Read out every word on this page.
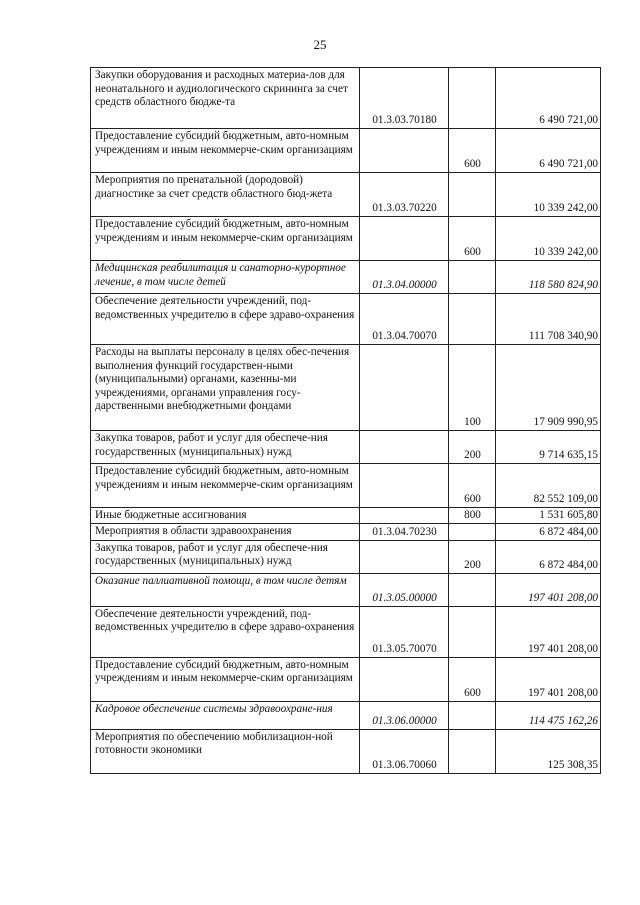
25
Закупки оборудования и расходных материа-лов для неонатального и аудиологического скрининга за счет средств областного бюдже-та	01.3.03.70180		6 490 721,00
Предоставление субсидий бюджетным, авто-номным учреждениям и иным некоммерче-ским организациям		600	6 490 721,00
Мероприятия по пренатальной (дородовой) диагностике за счет средств областного бюд-жета	01.3.03.70220		10 339 242,00
Предоставление субсидий бюджетным, авто-номным учреждениям и иным некоммерче-ским организациям		600	10 339 242,00
Медицинская реабилитация и санаторно-курортное лечение, в том числе детей	01.3.04.00000		118 580 824,90
Обеспечение деятельности учреждений, под-ведомственных учредителю в сфере здраво-охранения	01.3.04.70070		111 708 340,90
Расходы на выплаты персоналу в целях обес-печения выполнения функций государствен-ными (муниципальными) органами, казенны-ми учреждениями, органами управления госу-дарственными внебюджетными фондами		100	17 909 990,95
Закупка товаров, работ и услуг для обеспече-ния государственных (муниципальных) нужд		200	9 714 635,15
Предоставление субсидий бюджетным, авто-номным учреждениям и иным некоммерче-ским организациям		600	82 552 109,00
Иные бюджетные ассигнования		800	1 531 605,80
Мероприятия в области здравоохранения	01.3.04.70230		6 872 484,00
Закупка товаров, работ и услуг для обеспече-ния государственных (муниципальных) нужд		200	6 872 484,00
Оказание паллиативной помощи, в том числе детям	01.3.05.00000		197 401 208,00
Обеспечение деятельности учреждений, под-ведомственных учредителю в сфере здраво-охранения	01.3.05.70070		197 401 208,00
Предоставление субсидий бюджетным, авто-номным учреждениям и иным некоммерче-ским организациям		600	197 401 208,00
Кадровое обеспечение системы здравоохране-ния	01.3.06.00000		114 475 162,26
Мероприятия по обеспечению мобилизацион-ной готовности экономики	01.3.06.70060		125 308,35
